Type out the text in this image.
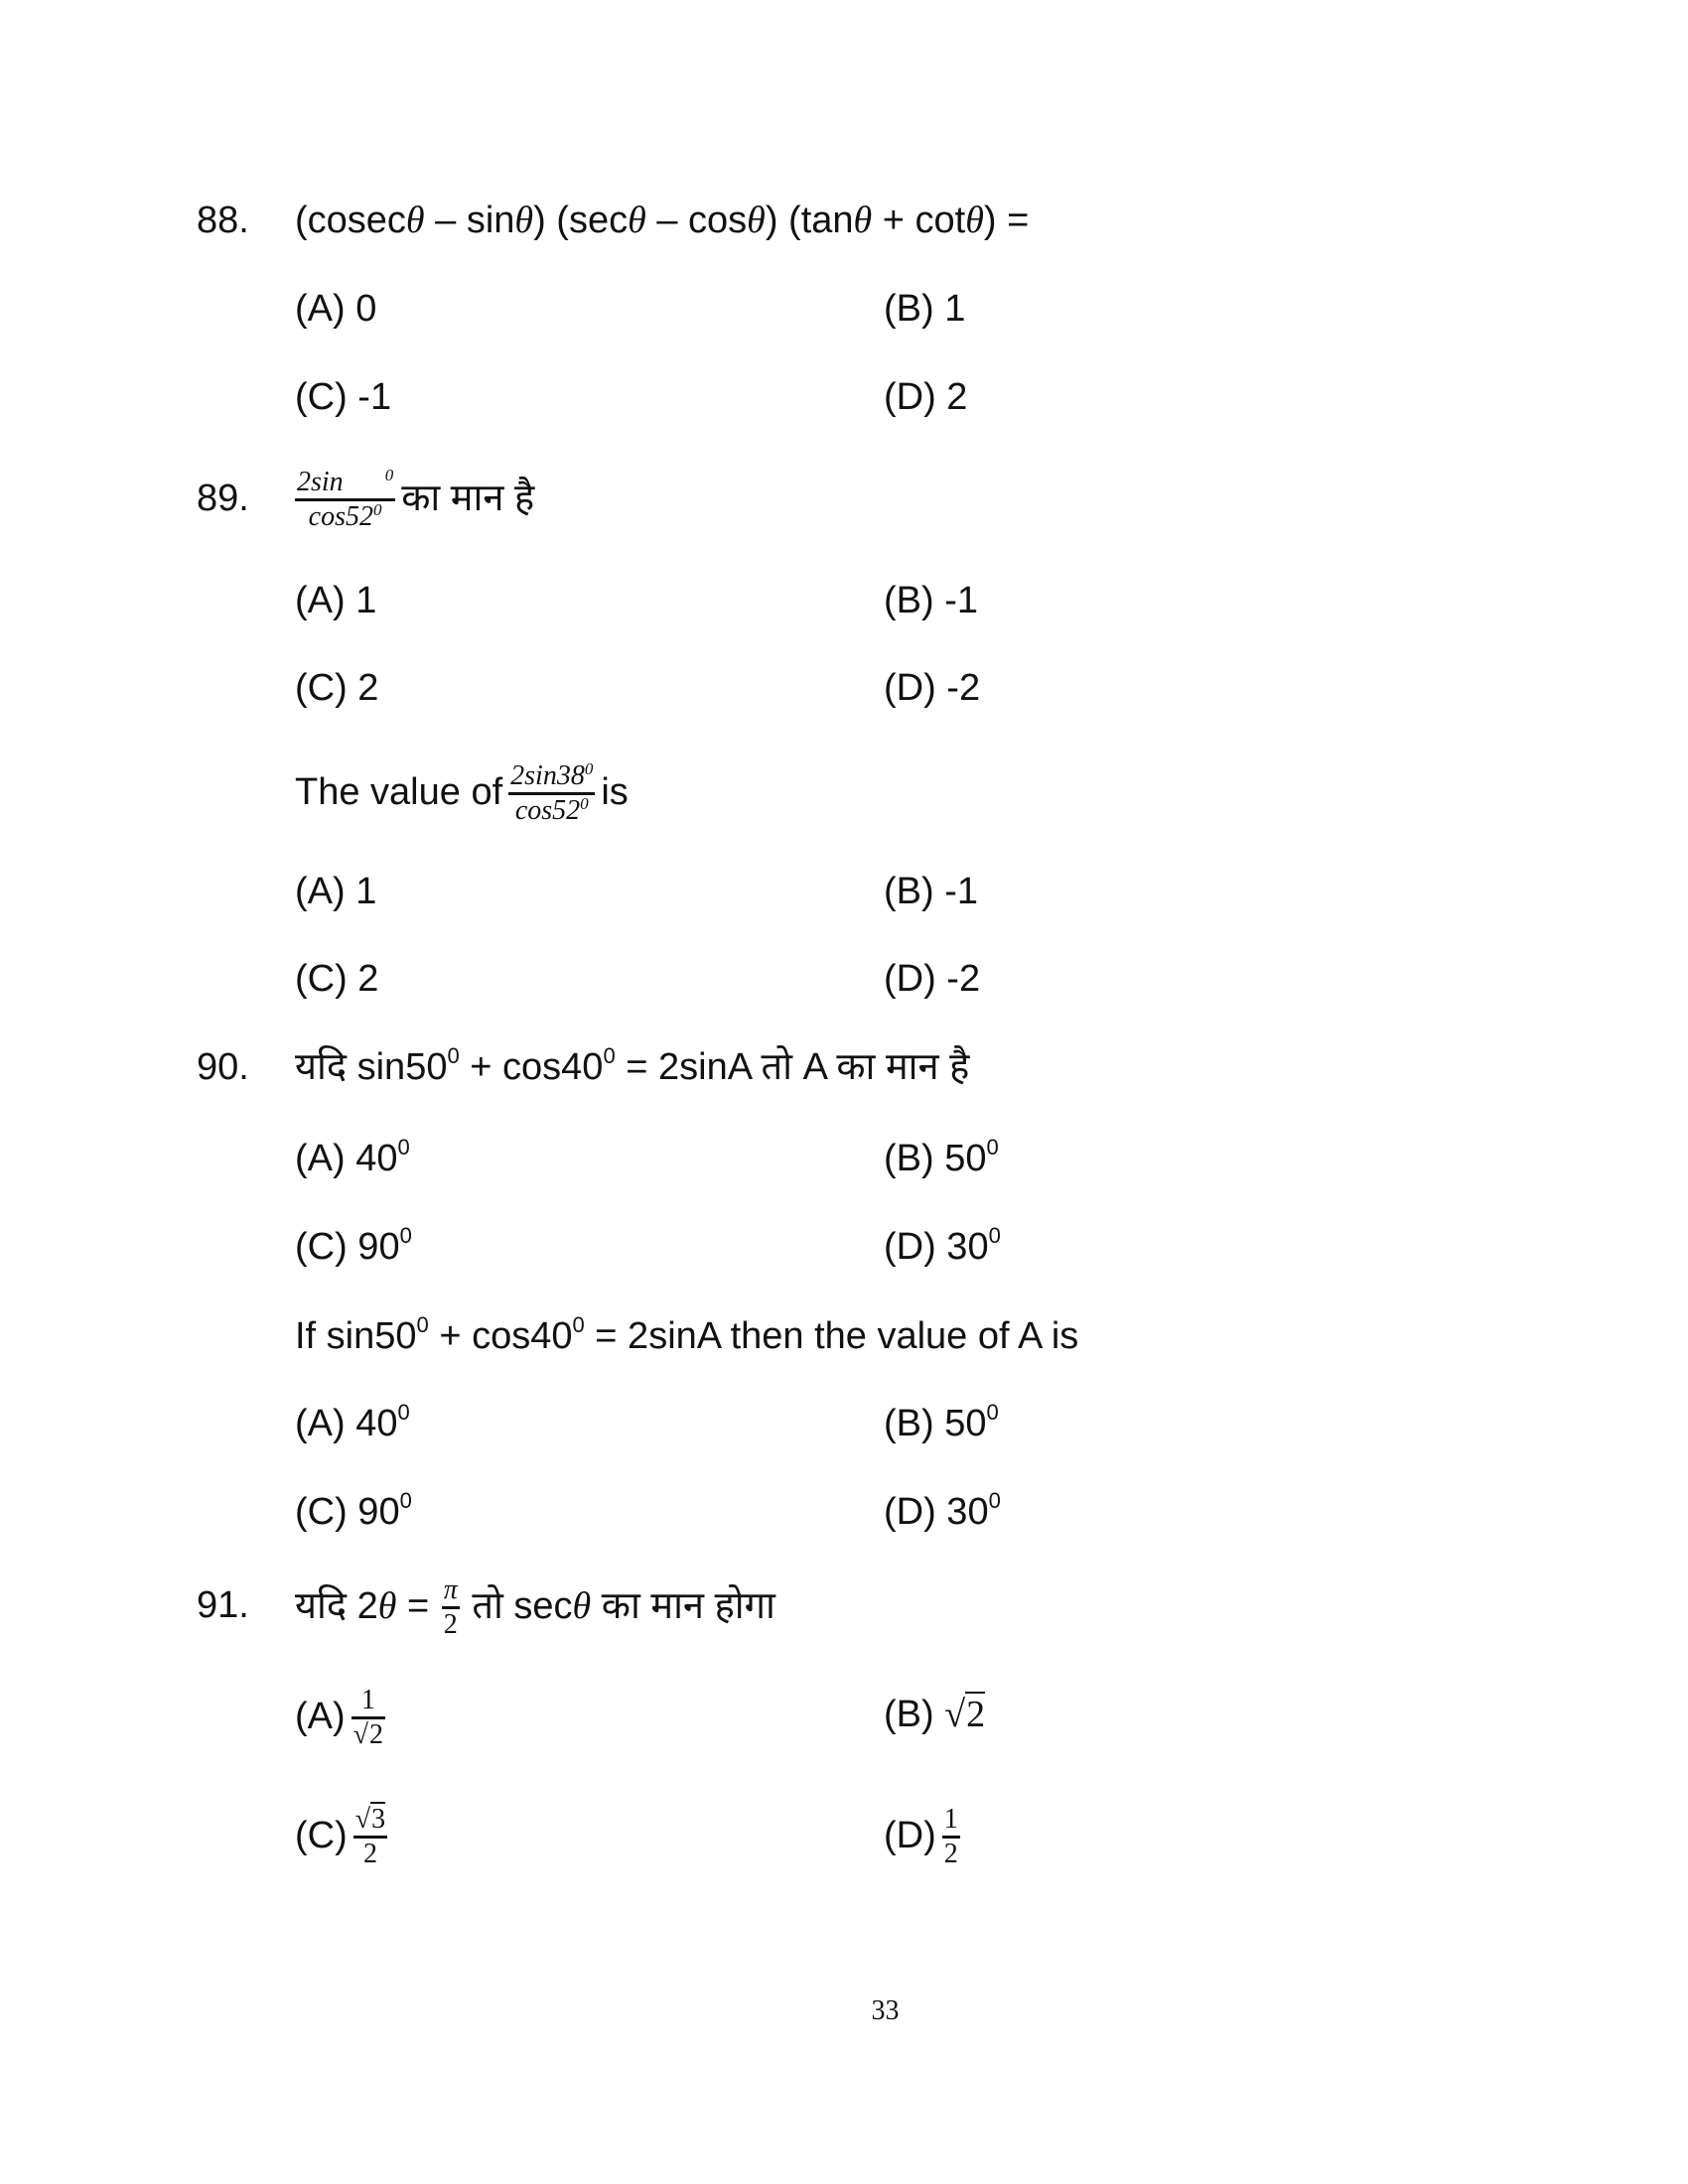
88. (cosecθ – sinθ) (secθ – cosθ) (tanθ + cotθ) =
(A) 0	(B) 1
(C) -1	(D) 2
89. $\frac{2\sin ^0}{\cos 52^0}$ का मान है
(A) 1	(B) -1
(C) 2	(D) -2
The value of $\frac{2\sin 38^0}{\cos 52^0}$ is
(A) 1	(B) -1
(C) 2	(D) -2
90. यदि $\sin 50^0 + \cos 40^0 = 2\sin A$ तो A का मान है
(A) $40^0$	(B) $50^0$
(C) $90^0$	(D) $30^0$
If $\sin 50^0 + \cos 40^0 = 2\sin A$ then the value of A is
(A) $40^0$	(B) $50^0$
(C) $90^0$	(D) $30^0$
91. यदि $2\theta = \frac{\pi}{2}$ तो secθ का मान होगा
$(A) \frac{1}{√2}$	(B) √2
$(C) \frac{√3}{2}$	$(D) \frac{1}{2}$
33
